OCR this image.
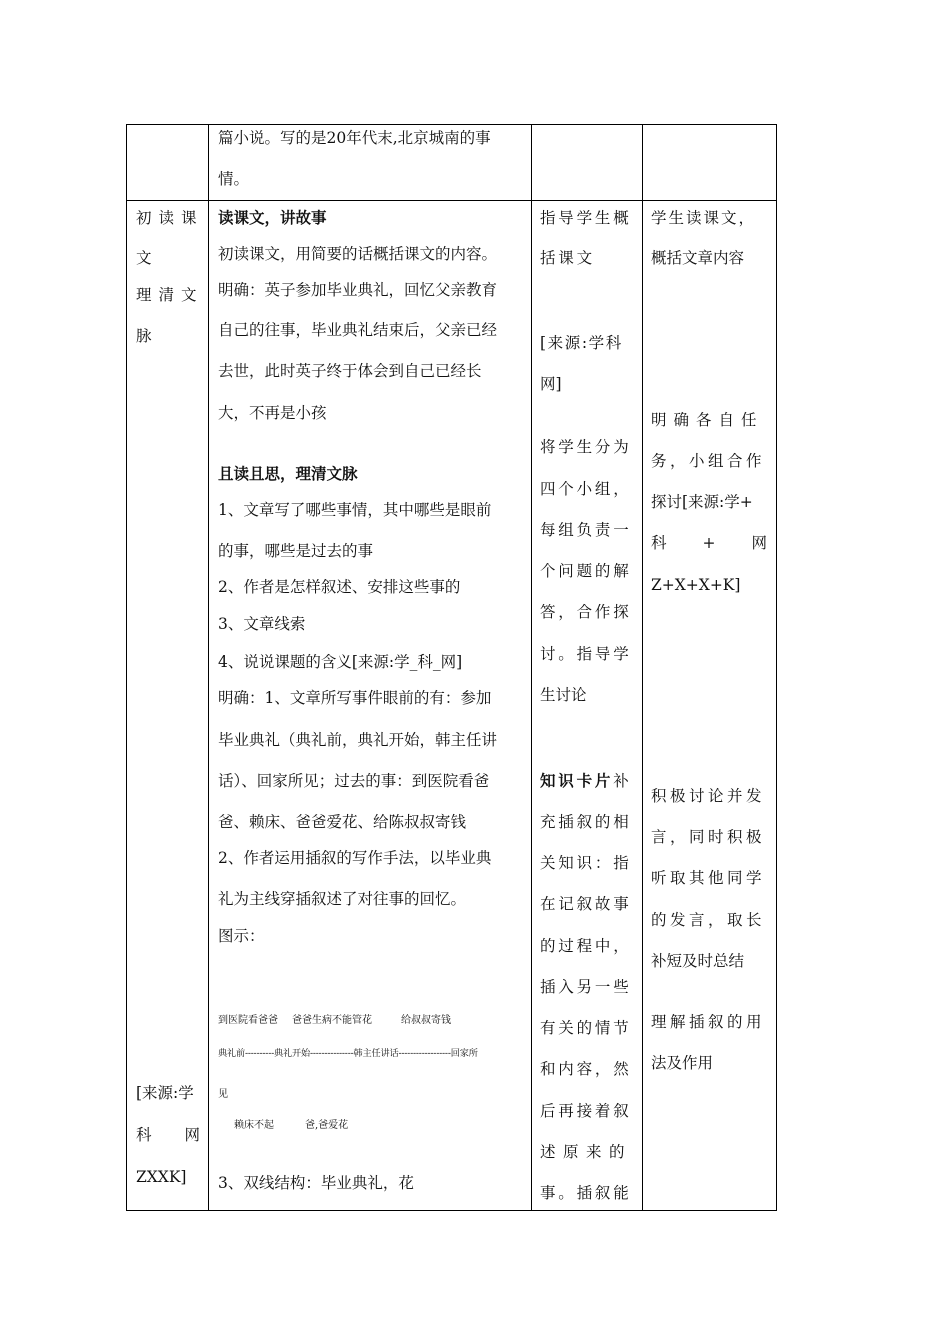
篇小说。写的是20年代末,北京城南的事
情。
初读课
文
理清文
脉
[来源:学
科 网
ZXXK]
读课文，讲故事
初读课文，用简要的话概括课文的内容。
明确：英子参加毕业典礼，回忆父亲教育
自己的往事，毕业典礼结束后，父亲已经
去世，此时英子终于体会到自己已经长
大，不再是小孩
且读且思，理清文脉
1、文章写了哪些事情，其中哪些是眼前
的事，哪些是过去的事
2、作者是怎样叙述、安排这些事的
3、文章线索
4、说说课题的含义[来源:学_科_网]
明确：1、文章所写事件眼前的有：参加
毕业典礼（典礼前，典礼开始，韩主任讲
话）、回家所见；过去的事：到医院看爸
爸、赖床、爸爸爱花、给陈叔叔寄钱
2、作者运用插叙的写作手法，以毕业典
礼为主线穿插叙述了对往事的回忆。
图示：
到医院看爸爸 爸爸生病不能管花	给叔叔寄钱
典礼前----------典礼开始---------------韩主任讲话------------------回家所
见
赖床不起	爸,爸爱花
3、双线结构：毕业典礼，花
指导学生概
括课文
[来源:学科
网]
将学生分为
四个小组，
每组负责一
个问题的解
答，合作探
讨。指导学
生讨论
知识卡片补
充插叙的相
关知识：指
在记叙故事
的过程中，
插入另一些
有关的情节
和内容，然
后再接着叙
述原来的
事。插叙能
学生读课文，
概括文章内容
明确各自任
务，小组合作
探讨[来源:学+
科 + 网
Z+X+X+K]
积极讨论并发
言，同时积极
听取其他同学
的发言，取长
补短及时总结
理解插叙的用
法及作用
